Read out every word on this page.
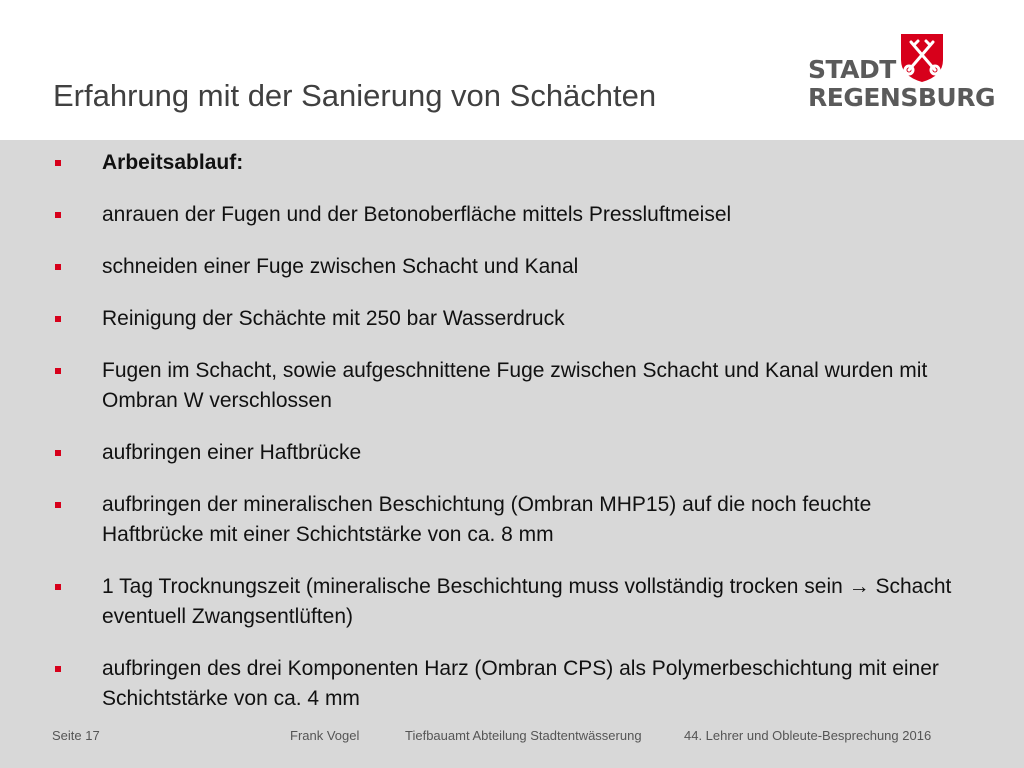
Erfahrung mit der Sanierung von Schächten
STADT
REGENSBURG
Arbeitsablauf:
anrauen der Fugen und der Betonoberfläche mittels Pressluftmeisel
schneiden einer Fuge zwischen Schacht und Kanal
Reinigung der Schächte mit 250 bar Wasserdruck
Fugen im Schacht, sowie aufgeschnittene Fuge zwischen Schacht und Kanal wurden mit Ombran W verschlossen
aufbringen einer Haftbrücke
aufbringen der mineralischen Beschichtung (Ombran MHP15) auf die noch feuchte Haftbrücke mit einer Schichtstärke von ca. 8 mm
1 Tag Trocknungszeit (mineralische Beschichtung muss vollständig trocken sein → Schacht eventuell Zwangsentlüften)
aufbringen des drei Komponenten Harz (Ombran CPS) als Polymerbeschichtung mit einer Schichtstärke von ca. 4 mm
Seite 17	Frank Vogel	Tiefbauamt Abteilung Stadtentwässerung	44. Lehrer und Obleute-Besprechung 2016
